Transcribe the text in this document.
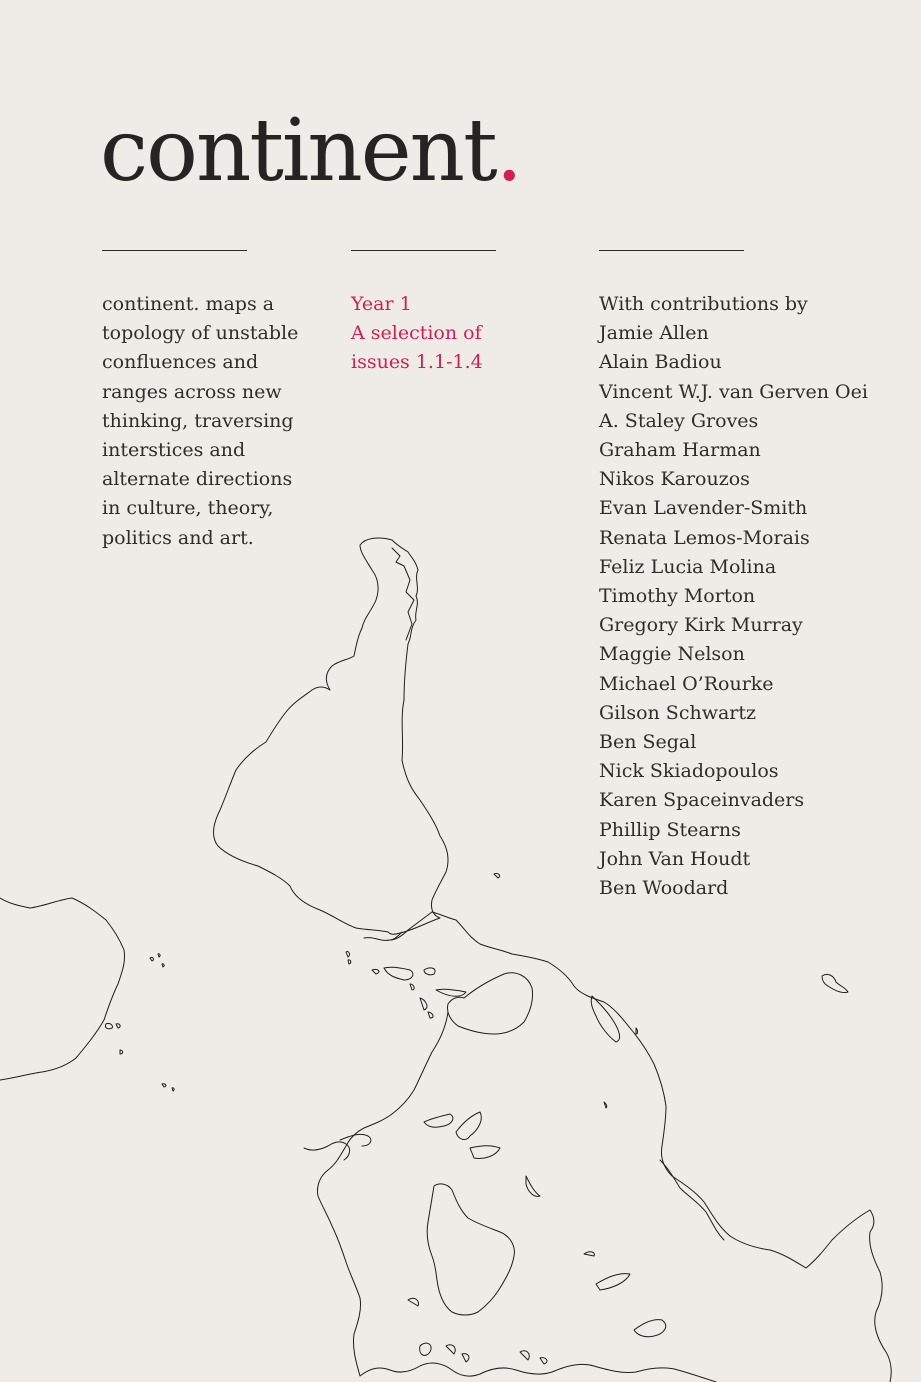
continent.
continent. maps a
topology of unstable
confluences and
ranges across new
thinking, traversing
interstices and
alternate directions
in culture, theory,
politics and art.
Year 1
A selection of
issues 1.1-1.4
With contributions by
Jamie Allen
Alain Badiou
Vincent W.J. van Gerven Oei
A. Staley Groves
Graham Harman
Nikos Karouzos
Evan Lavender-Smith
Renata Lemos-Morais
Feliz Lucia Molina
Timothy Morton
Gregory Kirk Murray
Maggie Nelson
Michael O’Rourke
Gilson Schwartz
Ben Segal
Nick Skiadopoulos
Karen Spaceinvaders
Phillip Stearns
John Van Houdt
Ben Woodard
